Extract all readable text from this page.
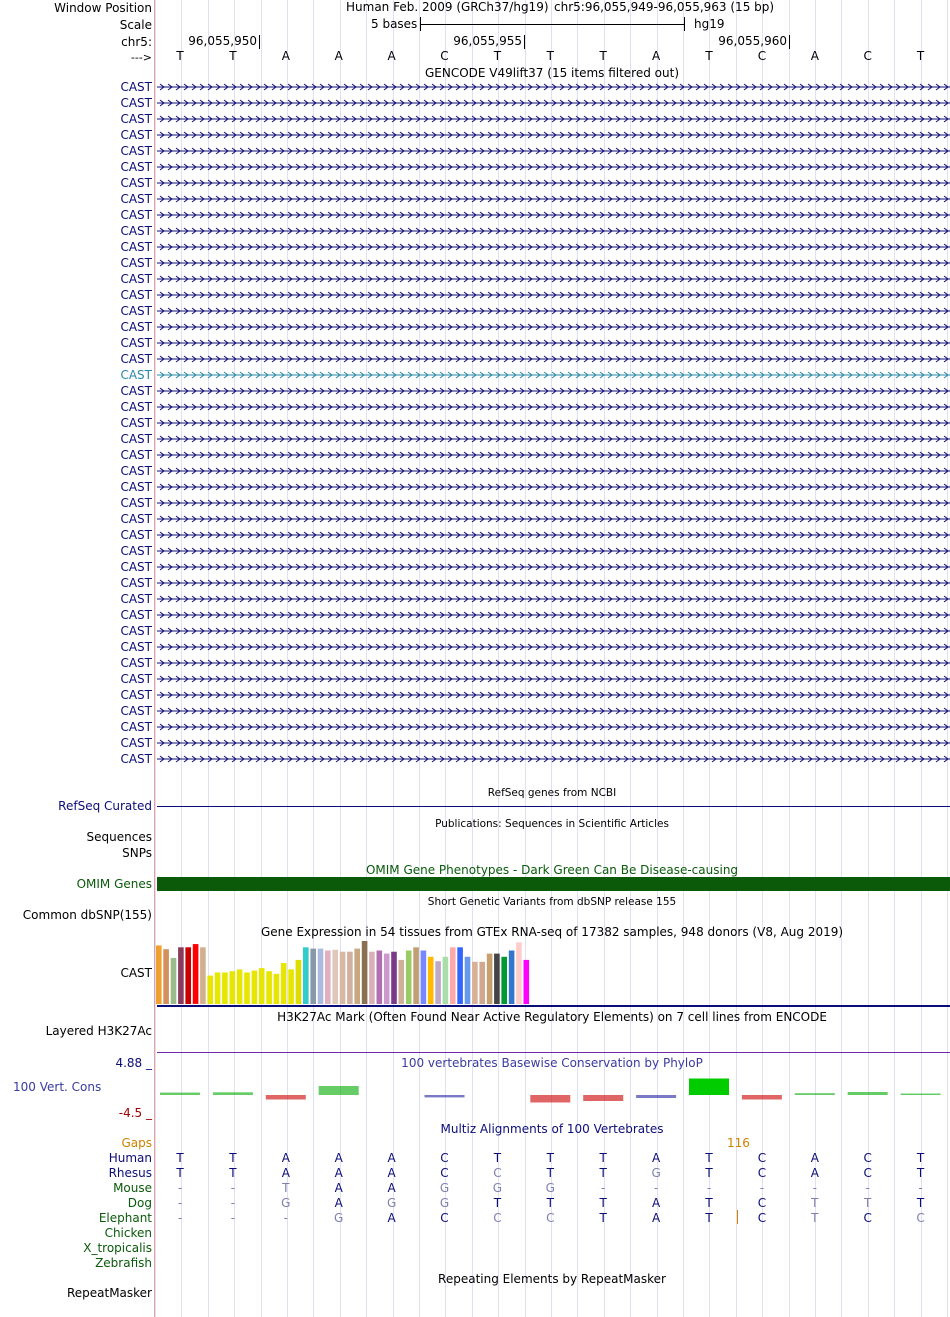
Window Position
Scale
chr5:
--->
Human Feb. 2009 (GRCh37/hg19) chr5:96,055,949-96,055,963 (15 bp)
5 bases	hg19
96,055,950	96,055,955	96,055,960
T	T	A	A	A	C	T	T	T	A	T	C	A	C	T
GENCODE V49lift37 (15 items filtered out)
CAST
CAST
CAST
CAST
CAST
CAST
CAST
CAST
CAST
CAST
CAST
CAST
CAST
CAST
CAST
CAST
CAST
CAST
CAST
CAST
CAST
CAST
CAST
CAST
CAST
CAST
CAST
CAST
CAST
CAST
CAST
CAST
CAST
CAST
CAST
CAST
CAST
CAST
CAST
CAST
CAST
CAST
CAST
RefSeq genes from NCBI
RefSeq Curated
Publications: Sequences in Scientific Articles
Sequences
SNPs
OMIM Gene Phenotypes - Dark Green Can Be Disease-causing
OMIM Genes
Short Genetic Variants from dbSNP release 155
Common dbSNP(155)
Gene Expression in 54 tissues from GTEx RNA-seq of 17382 samples, 948 donors (V8, Aug 2019)
CAST
H3K27Ac Mark (Often Found Near Active Regulatory Elements) on 7 cell lines from ENCODE
Layered H3K27Ac
100 vertebrates Basewise Conservation by PhyloP
4.88 _
100 Vert. Cons
-4.5 _
Multiz Alignments of 100 Vertebrates
Gaps	116
Human T	T	A	A	A	C	T	T	T	A	T	C	A	C	T
Rhesus T	T	A	A	A	C	C	T	T	G	T	C	A	C	T
Mouse -	-	T	A	A	G	G	G	-	-	-	-	-	-	-
Dog -	-	G	A	G	G	T	T	T	A	T	C	T	T	T
Elephant -	-	-	G	A	C	C	C	T	A	T	C	T	C	C
Chicken
X_tropicalis
Zebrafish
Repeating Elements by RepeatMasker
RepeatMasker
